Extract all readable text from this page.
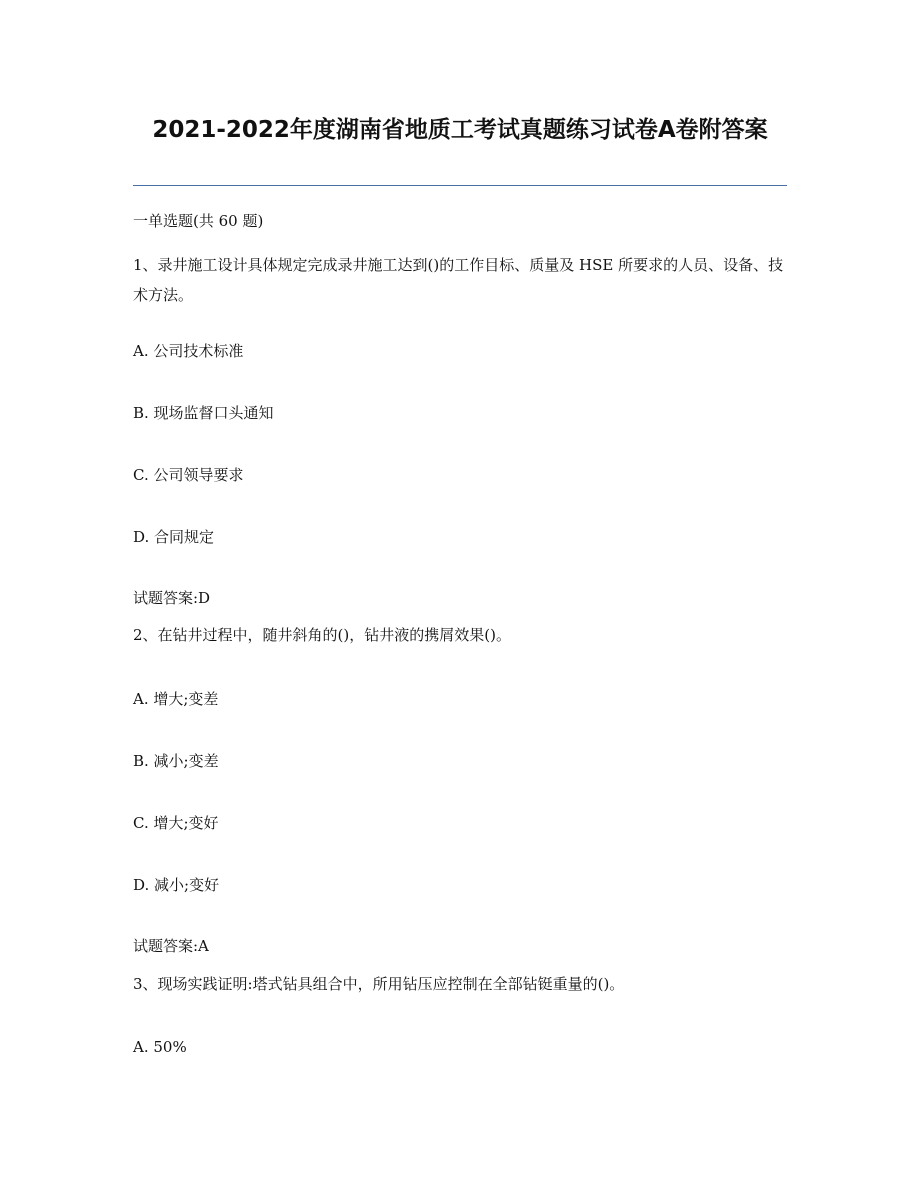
2021-2022年度湖南省地质工考试真题练习试卷A卷附答案
一单选题(共 60 题)
1、录井施工设计具体规定完成录井施工达到()的工作目标、质量及 HSE 所要求的人员、设备、技术方法。
A. 公司技术标准
B. 现场监督口头通知
C. 公司领导要求
D. 合同规定
试题答案:D
2、在钻井过程中，随井斜角的()，钻井液的携屑效果()。
A. 增大;变差
B. 减小;变差
C. 增大;变好
D. 减小;变好
试题答案:A
3、现场实践证明:塔式钻具组合中，所用钻压应控制在全部钻铤重量的()。
A. 50%
